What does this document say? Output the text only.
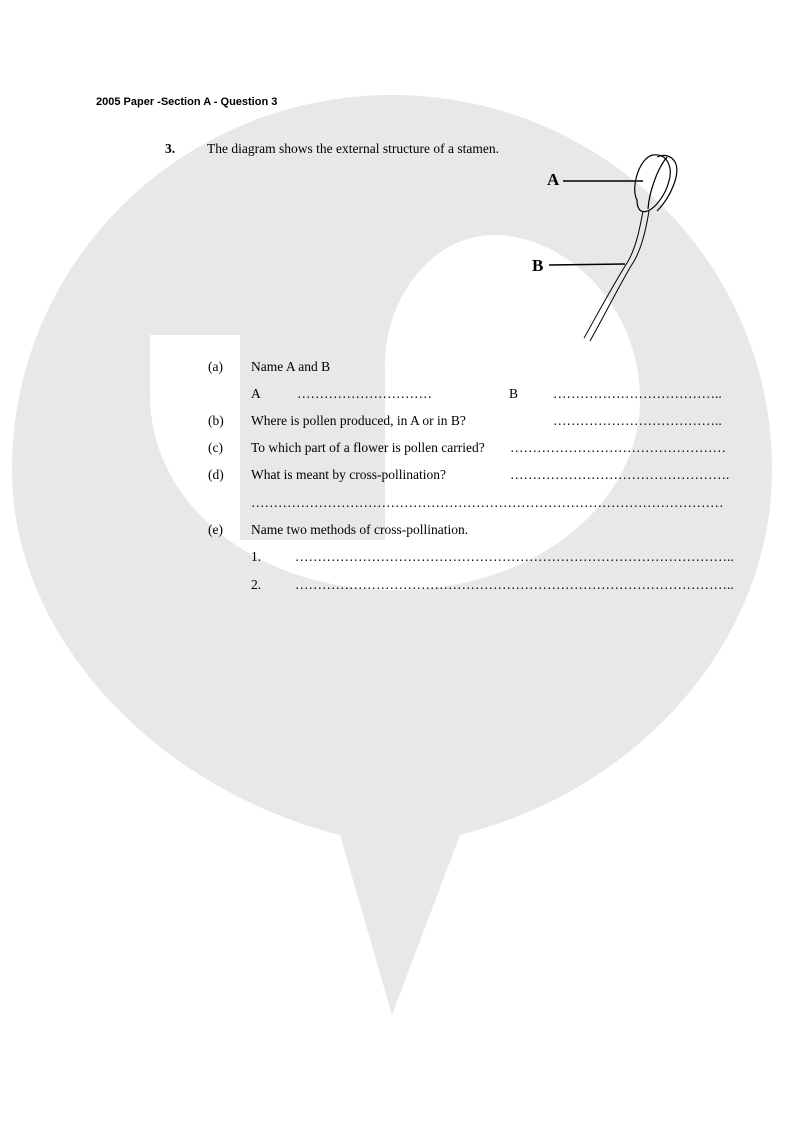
2005 Paper -Section A - Question 3
3. The diagram shows the external structure of a stamen.
A
B
(a) Name A and B
A	…………………………	B	………………………………..
(b) Where is pollen produced, in A or in B?	………………………………..
(c) To which part of a flower is pollen carried? …………………………………………
(d) What is meant by cross-pollination?	………………………………………….
……………………………………………………………………………………………
(e) Name two methods of cross-pollination.
1.	……………………………………………………………………………………..
2.	……………………………………………………………………………………..
